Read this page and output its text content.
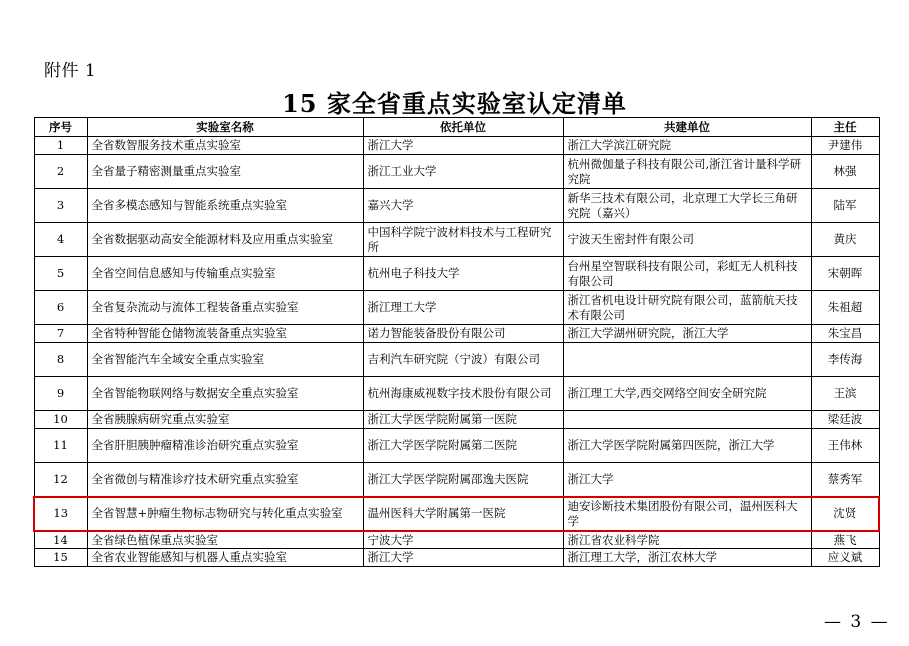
附件 1
15 家全省重点实验室认定清单
序号	实验室名称	依托单位	共建单位	主任
1	全省数智服务技术重点实验室	浙江大学	浙江大学滨江研究院	尹建伟
2	全省量子精密测量重点实验室	浙江工业大学	杭州微伽量子科技有限公司,浙江省计量科学研究院	林强
3	全省多模态感知与智能系统重点实验室	嘉兴大学	新华三技术有限公司，北京理工大学长三角研究院（嘉兴）	陆军
4	全省数据驱动高安全能源材料及应用重点实验室	中国科学院宁波材料技术与工程研究所	宁波天生密封件有限公司	黄庆
5	全省空间信息感知与传输重点实验室	杭州电子科技大学	台州星空智联科技有限公司，彩虹无人机科技有限公司	宋朝晖
6	全省复杂流动与流体工程装备重点实验室	浙江理工大学	浙江省机电设计研究院有限公司，蓝箭航天技术有限公司	朱祖超
7	全省特种智能仓储物流装备重点实验室	诺力智能装备股份有限公司	浙江大学湖州研究院，浙江大学	朱宝昌
8	全省智能汽车全域安全重点实验室	吉利汽车研究院（宁波）有限公司		李传海
9	全省智能物联网络与数据安全重点实验室	杭州海康威视数字技术股份有限公司	浙江理工大学,西交网络空间安全研究院	王滨
10	全省胰腺病研究重点实验室	浙江大学医学院附属第一医院		梁廷波
11	全省肝胆胰肿瘤精准诊治研究重点实验室	浙江大学医学院附属第二医院	浙江大学医学院附属第四医院，浙江大学	王伟林
12	全省微创与精准诊疗技术研究重点实验室	浙江大学医学院附属邵逸夫医院	浙江大学	蔡秀军
13	全省智慧+肿瘤生物标志物研究与转化重点实验室	温州医科大学附属第一医院	迪安诊断技术集团股份有限公司，温州医科大学	沈贤
14	全省绿色植保重点实验室	宁波大学	浙江省农业科学院	燕飞
15	全省农业智能感知与机器人重点实验室	浙江大学	浙江理工大学，浙江农林大学	应义斌
— 3 —
